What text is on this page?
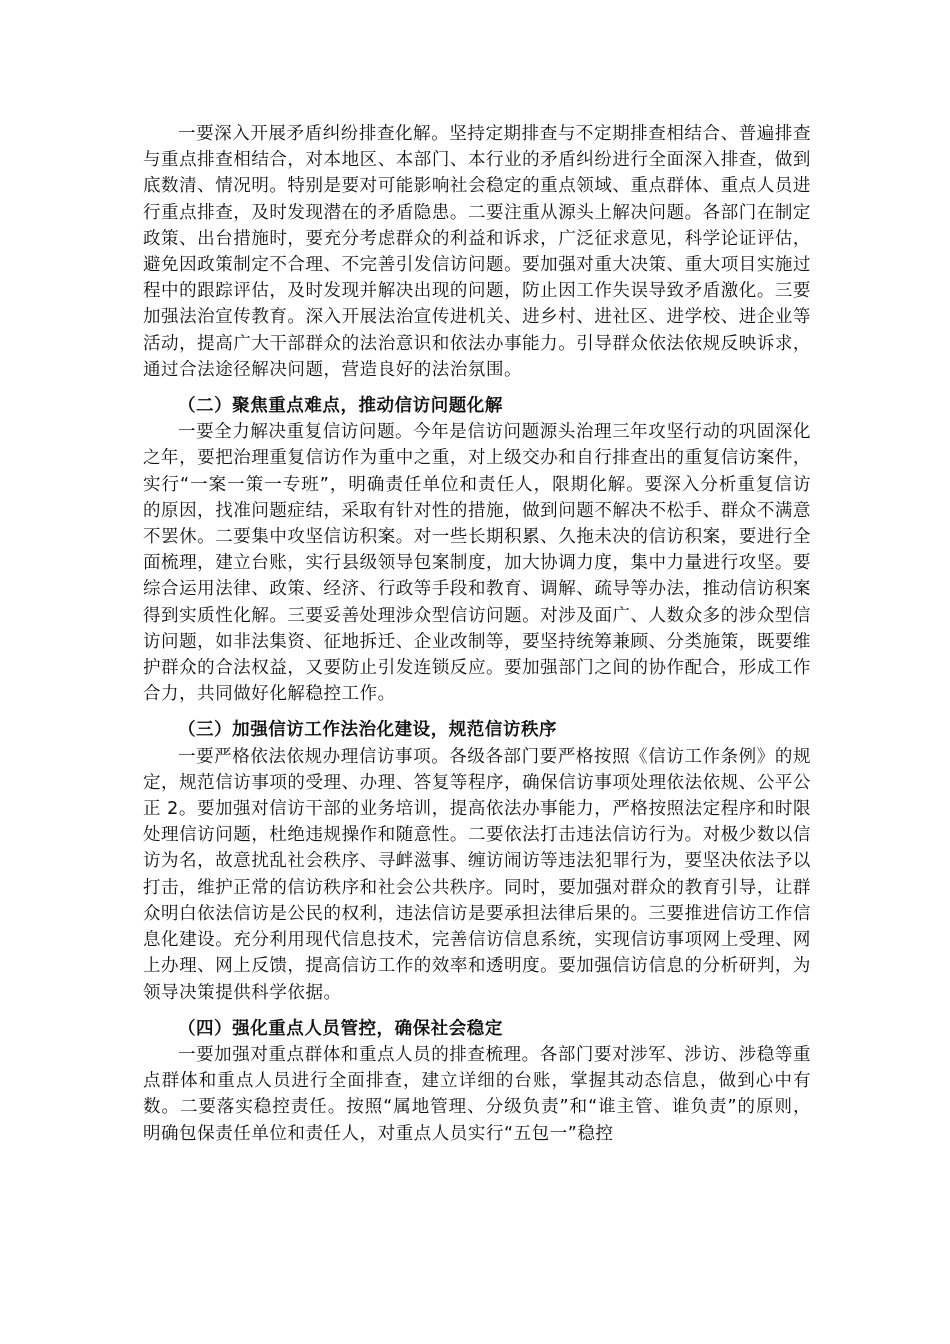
一要深入开展矛盾纠纷排查化解。坚持定期排查与不定期排查相结合、普遍排查与重点排查相结合，对本地区、本部门、本行业的矛盾纠纷进行全面深入排查，做到底数清、情况明。特别是要对可能影响社会稳定的重点领域、重点群体、重点人员进行重点排查，及时发现潜在的矛盾隐患。二要注重从源头上解决问题。各部门在制定政策、出台措施时，要充分考虑群众的利益和诉求，广泛征求意见，科学论证评估，避免因政策制定不合理、不完善引发信访问题。要加强对重大决策、重大项目实施过程中的跟踪评估，及时发现并解决出现的问题，防止因工作失误导致矛盾激化。三要加强法治宣传教育。深入开展法治宣传进机关、进乡村、进社区、进学校、进企业等活动，提高广大干部群众的法治意识和依法办事能力。引导群众依法依规反映诉求，通过合法途径解决问题，营造良好的法治氛围。

（二）聚焦重点难点，推动信访问题化解

一要全力解决重复信访问题。今年是信访问题源头治理三年攻坚行动的巩固深化之年，要把治理重复信访作为重中之重，对上级交办和自行排查出的重复信访案件，实行“一案一策一专班”，明确责任单位和责任人，限期化解。要深入分析重复信访的原因，找准问题症结，采取有针对性的措施，做到问题不解决不松手、群众不满意不罢休。二要集中攻坚信访积案。对一些长期积累、久拖未决的信访积案，要进行全面梳理，建立台账，实行县级领导包案制度，加大协调力度，集中力量进行攻坚。要综合运用法律、政策、经济、行政等手段和教育、调解、疏导等办法，推动信访积案得到实质性化解。三要妥善处理涉众型信访问题。对涉及面广、人数众多的涉众型信访问题，如非法集资、征地拆迁、企业改制等，要坚持统筹兼顾、分类施策，既要维护群众的合法权益，又要防止引发连锁反应。要加强部门之间的协作配合，形成工作合力，共同做好化解稳控工作。

（三）加强信访工作法治化建设，规范信访秩序

一要严格依法依规办理信访事项。各级各部门要严格按照《信访工作条例》的规定，规范信访事项的受理、办理、答复等程序，确保信访事项处理依法依规、公平公正 2。要加强对信访干部的业务培训，提高依法办事能力，严格按照法定程序和时限处理信访问题，杜绝违规操作和随意性。二要依法打击违法信访行为。对极少数以信访为名，故意扰乱社会秩序、寻衅滋事、缠访闹访等违法犯罪行为，要坚决依法予以打击，维护正常的信访秩序和社会公共秩序。同时，要加强对群众的教育引导，让群众明白依法信访是公民的权利，违法信访是要承担法律后果的。三要推进信访工作信息化建设。充分利用现代信息技术，完善信访信息系统，实现信访事项网上受理、网上办理、网上反馈，提高信访工作的效率和透明度。要加强信访信息的分析研判，为领导决策提供科学依据。

（四）强化重点人员管控，确保社会稳定

一要加强对重点群体和重点人员的排查梳理。各部门要对涉军、涉访、涉稳等重点群体和重点人员进行全面排查，建立详细的台账，掌握其动态信息，做到心中有数。二要落实稳控责任。按照“属地管理、分级负责”和“谁主管、谁负责”的原则，明确包保责任单位和责任人，对重点人员实行“五包一”稳控
